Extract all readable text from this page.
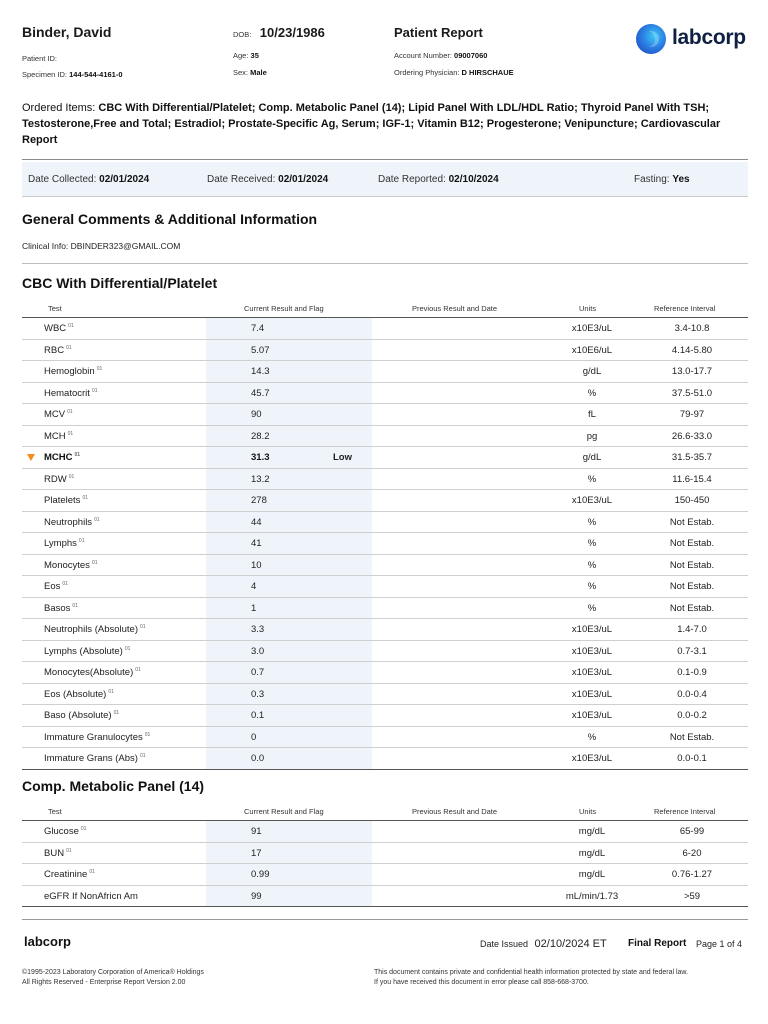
Binder, David
Patient ID:
Specimen ID: 144-544-4161-0
DOB: 10/23/1986
Age: 35
Sex: Male
Patient Report
Account Number: 09007060
Ordering Physician: D HIRSCHAUE
labcorp
Ordered Items: CBC With Differential/Platelet; Comp. Metabolic Panel (14); Lipid Panel With LDL/HDL Ratio; Thyroid Panel With TSH; Testosterone,Free and Total; Estradiol; Prostate-Specific Ag, Serum; IGF-1; Vitamin B12; Progesterone; Venipuncture; Cardiovascular Report
Date Collected: 02/01/2024	Date Received: 02/01/2024	Date Reported: 02/10/2024	Fasting: Yes
General Comments & Additional Information
Clinical Info: DBINDER323@GMAIL.COM
CBC With Differential/Platelet
Test	Current Result and Flag	Previous Result and Date	Units	Reference Interval
WBC $^{01}$	7.4	x10E3/uL	3.4-10.8
RBC $^{01}$	5.07	x10E6/uL	4.14-5.80
Hemoglobin $^{01}$	14.3	g/dL	13.0-17.7
Hematocrit $^{01}$	45.7	%	37.5-51.0
MCV $^{01}$	90	fL	79-97
MCH $^{01}$	28.2	pg	26.6-33.0
MCHC $^{01}$	31.3	Low	g/dL	31.5-35.7
RDW $^{01}$	13.2	%	11.6-15.4
Platelets $^{01}$	278	x10E3/uL	150-450
Neutrophils $^{01}$	44	%	Not Estab.
Lymphs $^{01}$	41	%	Not Estab.
Monocytes $^{01}$	10	%	Not Estab.
Eos $^{01}$	4	%	Not Estab.
Basos $^{01}$	1	%	Not Estab.
Neutrophils (Absolute) $^{01}$	3.3	x10E3/uL	1.4-7.0
Lymphs (Absolute) $^{01}$	3.0	x10E3/uL	0.7-3.1
Monocytes(Absolute) $^{01}$	0.7	x10E3/uL	0.1-0.9
Eos (Absolute) $^{01}$	0.3	x10E3/uL	0.0-0.4
Baso (Absolute) $^{01}$	0.1	x10E3/uL	0.0-0.2
Immature Granulocytes $^{01}$	0	%	Not Estab.
Immature Grans (Abs) $^{01}$	0.0	x10E3/uL	0.0-0.1
Comp. Metabolic Panel (14)
Test	Current Result and Flag	Previous Result and Date	Units	Reference Interval
Glucose $^{01}$	91	mg/dL	65-99
BUN $^{01}$	17	mg/dL	6-20
Creatinine $^{01}$	0.99	mg/dL	0.76-1.27
eGFR If NonAfricn Am	99	mL/min/1.73	>59
labcorp	Date Issued 02/10/2024 ET Final Report Page 1 of 4
©1995-2023 Laboratory Corporation of America® Holdings
All Rights Reserved - Enterprise Report Version 2.00
This document contains private and confidential health information protected by state and federal law.
If you have received this document in error please call 858-668-3700.
